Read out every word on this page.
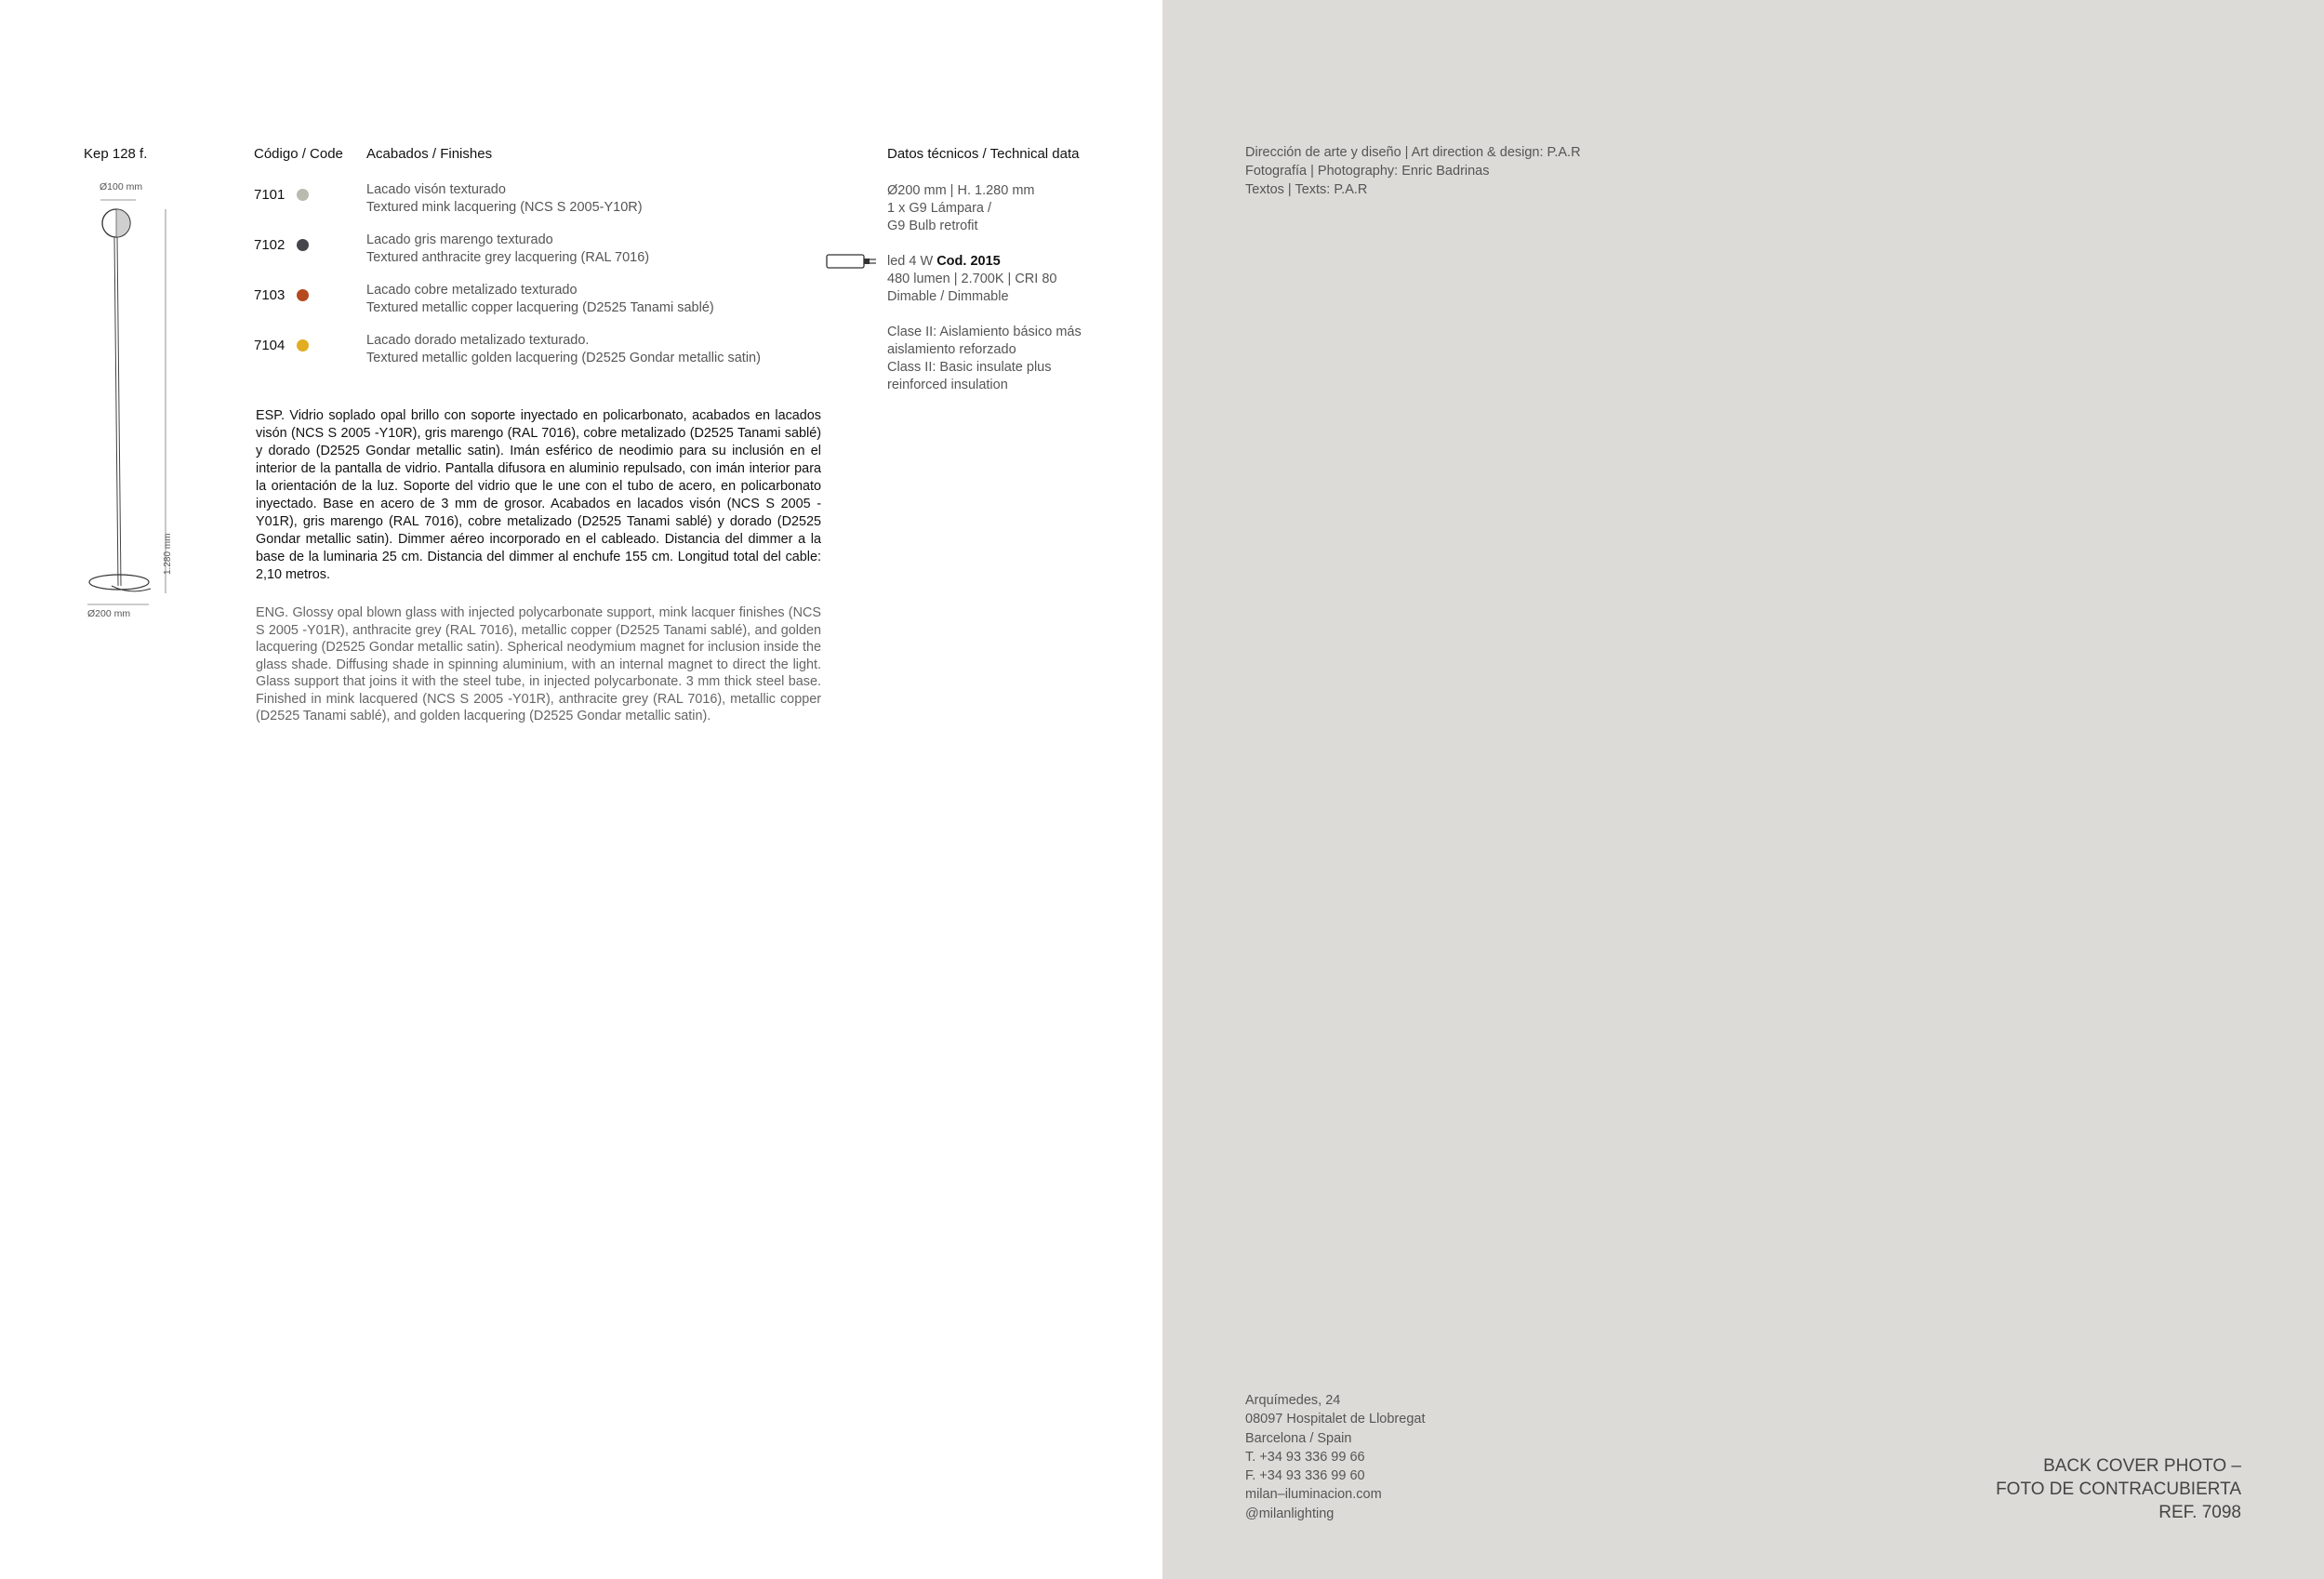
Kep 128 f.
Ø100 mm
1.280 mm
Ø200 mm
Código / Code Acabados / Finishes
7101	Lacado visón texturado
Textured mink lacquering (NCS S 2005-Y10R)
7102	Lacado gris marengo texturado
Textured anthracite grey lacquering (RAL 7016)
7103	Lacado cobre metalizado texturado
Textured metallic copper lacquering (D2525 Tanami sablé)
7104	Lacado dorado metalizado texturado.
Textured metallic golden lacquering (D2525 Gondar metallic satin)

ESP. Vidrio soplado opal brillo con soporte inyectado en policarbonato, acabados en lacados visón (NCS S 2005 -Y10R), gris marengo (RAL 7016), cobre metalizado (D2525 Tanami sablé) y dorado (D2525 Gondar metallic satin). Imán esférico de neodimio para su inclusión en el interior de la pantalla de vidrio. Pantalla difusora en aluminio repulsado, con imán interior para la orientación de la luz. Soporte del vidrio que le une con el tubo de acero, en policarbonato inyectado. Base en acero de 3 mm de grosor. Acabados en lacados visón (NCS S 2005 -Y01R), gris marengo (RAL 7016), cobre metalizado (D2525 Tanami sablé) y dorado (D2525 Gondar metallic satin). Dimmer aéreo incorporado en el cableado. Distancia del dimmer a la base de la luminaria 25 cm. Distancia del dimmer al enchufe 155 cm. Longitud total del cable: 2,10 metros.

ENG. Glossy opal blown glass with injected polycarbonate support, mink lacquer finishes (NCS S 2005 -Y01R), anthracite grey (RAL 7016), metallic copper (D2525 Tanami sablé), and golden lacquering (D2525 Gondar metallic satin). Spherical neodymium magnet for inclusion inside the glass shade. Diffusing shade in spinning aluminium, with an internal magnet to direct the light. Glass support that joins it with the steel tube, in injected polycarbonate. 3 mm thick steel base. Finished in mink lacquered (NCS S 2005 -Y01R), anthracite grey (RAL 7016), metallic copper (D2525 Tanami sablé), and golden lacquering (D2525 Gondar metallic satin).

Datos técnicos / Technical data
Ø200 mm | H. 1.280 mm
1 x G9 Lámpara /
G9 Bulb retrofit
led 4 W Cod. 2015
480 lumen | 2.700K | CRI 80
Dimable / Dimmable
Clase II: Aislamiento básico más
aislamiento reforzado
Class II: Basic insulate plus
reinforced insulation
Dirección de arte y diseño | Art direction & design: P.A.R
Fotografía | Photography: Enric Badrinas
Textos | Texts: P.A.R
Arquímedes, 24
08097 Hospitalet de Llobregat
Barcelona / Spain
T. +34 93 336 99 66
F. +34 93 336 99 60
milan–iluminacion.com
@milanlighting
BACK COVER PHOTO –
FOTO DE CONTRACUBIERTA
REF. 7098
